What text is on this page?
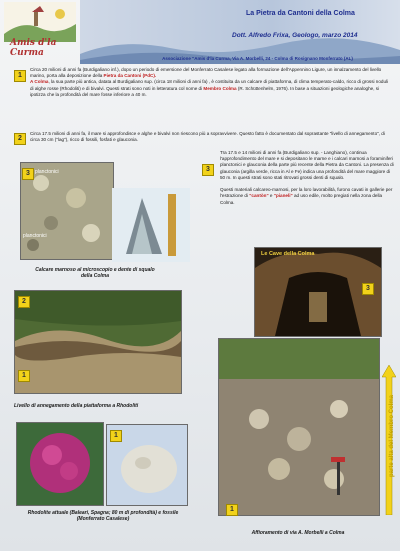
Amis d'la Curma
La Pietra da Cantoni della Colma
Dott. Alfredo Frixa, Geologo, marzo 2014
Associazione "Amis d'la Curma, Via A. Morbelli, 24 - Colma di Rosignano Monferrato (AL)
1
Circa 20 milioni di anni fa (Burdigaliano inf.), dopo un periodo di emersione del Monferrato Casalese legato alla formazione dell'Appennino Ligure, un innalzamento del livello marino, porta alla deposizione della Pietra da Cantoni (PdC).
A Colma, la sua parte più antica, datata al Burdigaliano sup. (circa 18 milioni di anni fa) , è costituita da un calcare di piattaforma, di clima temperato-caldo, ricco di grossi noduli di alghe rosse (Rhodoliti) e di bivalvi. Questi strati sono noti in letteratura col nome di Membro Colma (R. Schüttenhelm, 1976). In base a situazioni geologiche analoghe, si ipotizza che la profondità del mare fosse inferiore a 40 m.
2
Circa 17.5 milioni di anni fa, il mare si approfondisce e alghe e bivalvi non riescono più a sopravvivere. Questo fatto è documentato dal soprastante "livello di annegamento", di circa 30 cm ("lag"), ricco di fossili, fosfati e glauconia.
planctonici
planctonici
3
3
Tra 17.5 e 14 milioni di anni fa (Burdigaliano sup. - Langhiano), continua l'approfondimento del mare e si depositano le marne e i calcari marnosi a foraminiferi planctonici e glauconia della parte più recente della Pietra da Cantoni. La presenza di glauconia (argilla verde, ricca in Al e Fe) indica una profondità del mare maggiore di 50 m. In questi strati sono stati ritrovati grossi denti di squalo.

Questi materiali calcareo-marnosi, per la loro lavorabilità, furono cavati in gallerie per l'estrazione di "cantòn" e "pianeli" ad uso edile, molto pregiati nella zona della Colma.
Calcare marnoso al microscopio e dente di squalo della Colma
Le Cave della Colma
3
2
1
Livello di annegamento della piattaforma a Rhodoliti
1
parte alta del Membro Colma
1
Rhodolite attuale (Baleari, Spagna; 80 m di profondità) e fossile (Monferrato Casalese)
Affioramento di via A. Morbelli a Colma
